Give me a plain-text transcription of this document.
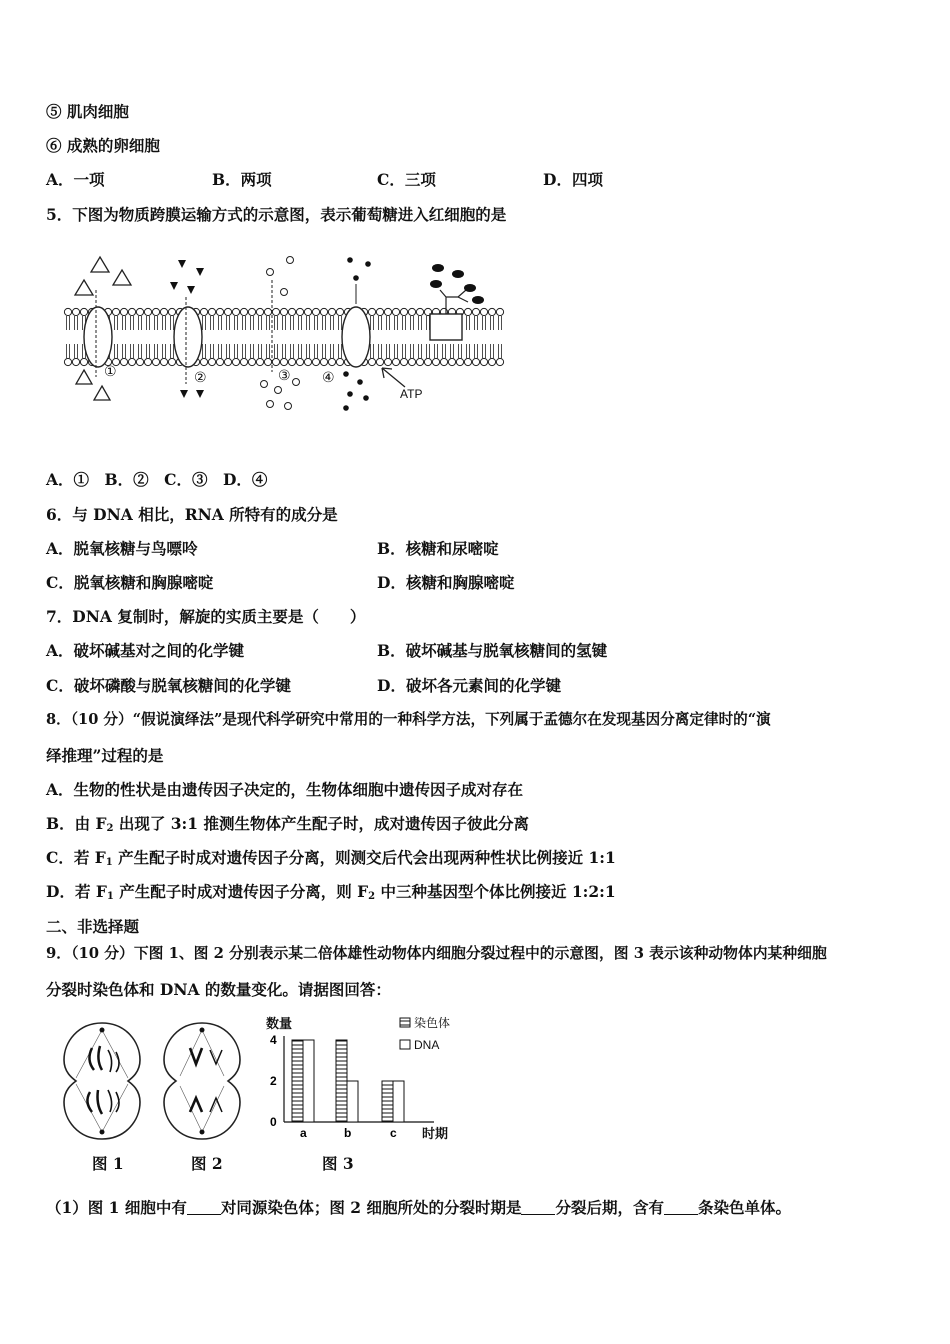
⑤ 肌肉细胞
⑥ 成熟的卵细胞
A．一项	B．两项	C．三项	D．四项
5．下图为物质跨膜运输方式的示意图，表示葡萄糖进入红细胞的是
ATP
①	②	③ ④
A．①　B．②　C．③　D．④
6．与 DNA 相比，RNA 所特有的成分是
A．脱氧核糖与鸟嘌呤	B．核糖和尿嘧啶
C．脱氧核糖和胸腺嘧啶	D．核糖和胸腺嘧啶
7．DNA 复制时，解旋的实质主要是（　　）
A．破坏碱基对之间的化学键	B．破坏碱基与脱氧核糖间的氢键
C．破坏磷酸与脱氧核糖间的化学键	D．破坏各元素间的化学键
8．（10 分）“假说演绎法”是现代科学研究中常用的一种科学方法，下列属于孟德尔在发现基因分离定律时的“演
绎推理”过程的是
A．生物的性状是由遗传因子决定的，生物体细胞中遗传因子成对存在
B．由 $F_2$ 出现了 3:1 推测生物体产生配子时，成对遗传因子彼此分离
C．若 $F_1$ 产生配子时成对遗传因子分离，则测交后代会出现两种性状比例接近 1:1
D．若 $F_1$ 产生配子时成对遗传因子分离，则 $F_2$ 中三种基因型个体比例接近 1:2:1
二、非选择题
9．（10 分）下图 1、图 2 分别表示某二倍体雄性动物体内细胞分裂过程中的示意图，图 3 表示该种动物体内某种细胞
分裂时染色体和 DNA 的数量变化。请据图回答：
图 1	图 2
数量
时期
0
2
4
a	b	c
染色体
DNA
图 3
（1）图 1 细胞中有 对同源染色体；图 2 细胞所处的分裂时期是 分裂后期，含有 条染色单体。
